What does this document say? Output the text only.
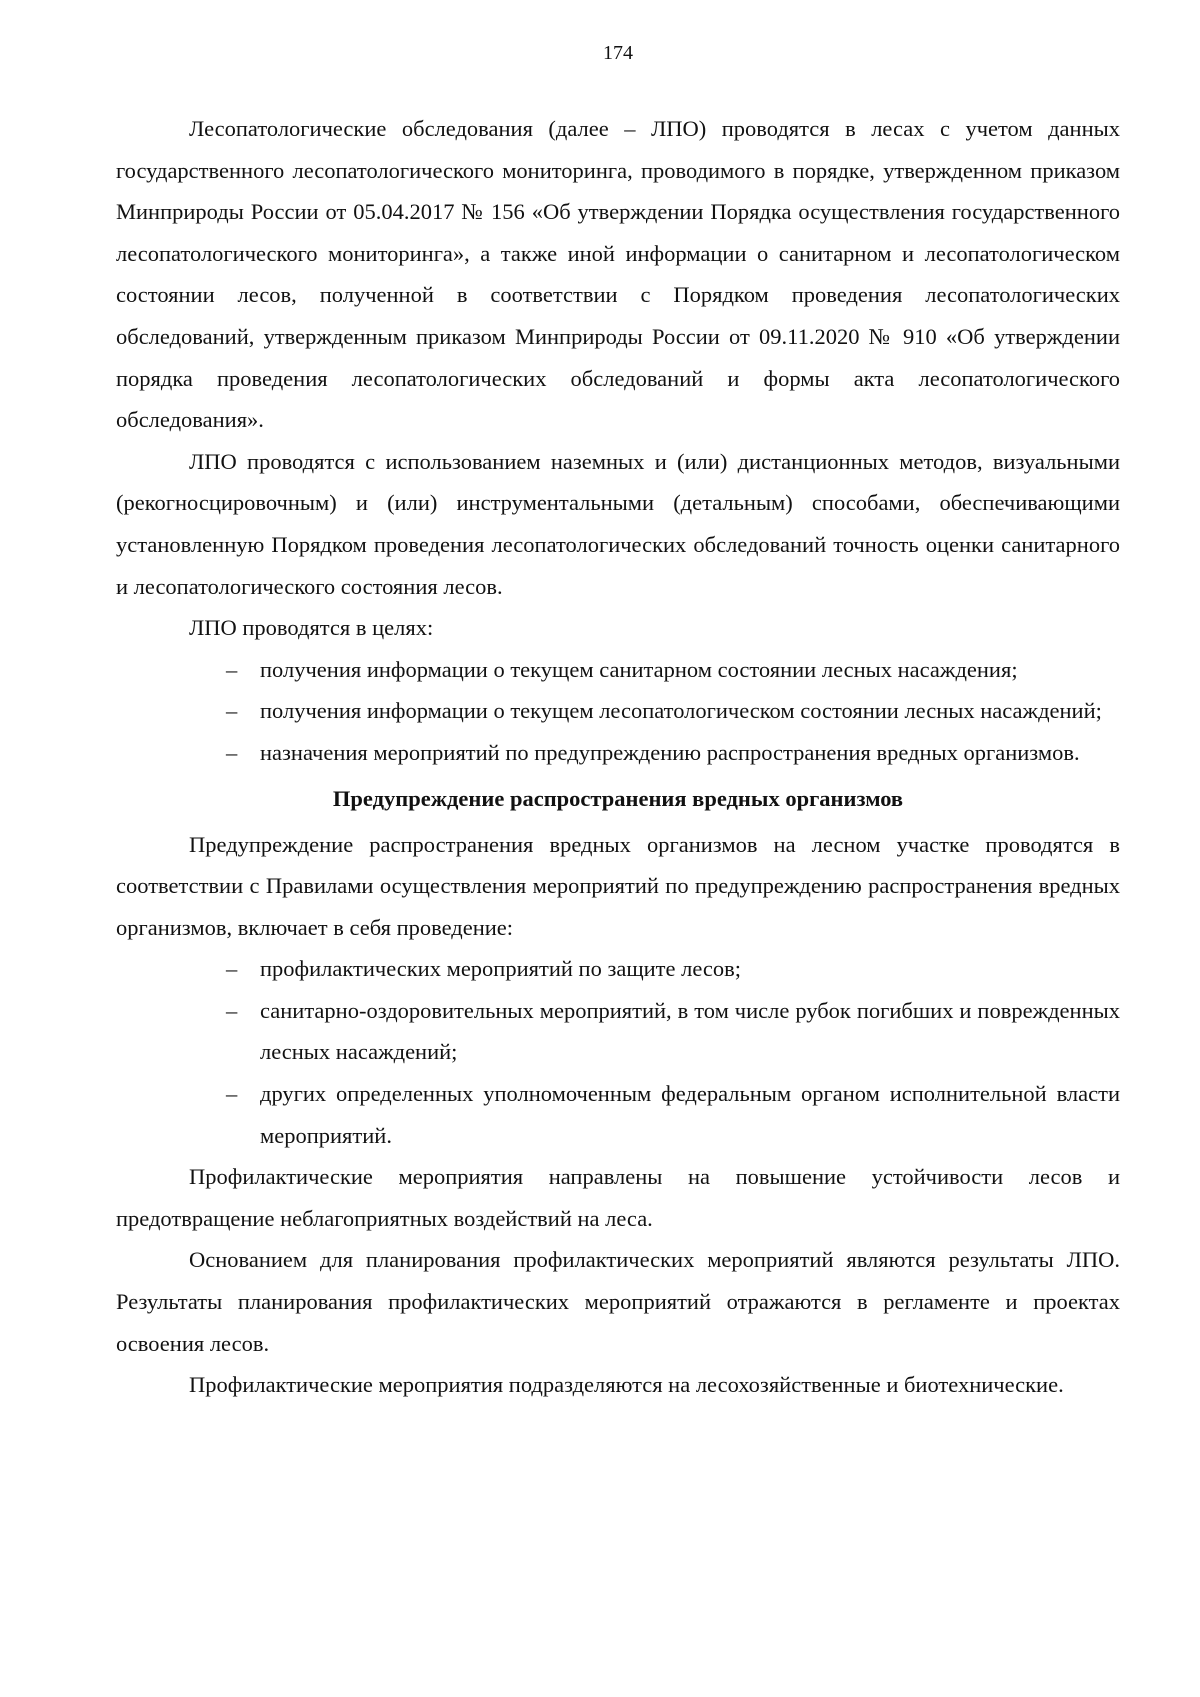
174

Лесопатологические обследования (далее – ЛПО) проводятся в лесах с учетом данных государственного лесопатологического мониторинга, проводимого в порядке, утвержденном приказом Минприроды России от 05.04.2017 № 156 «Об утверждении Порядка осуществления государственного лесопатологического мониторинга», а также иной информации о санитарном и лесопатологическом состоянии лесов, полученной в соответствии с Порядком проведения лесопатологических обследований, утвержденным приказом Минприроды России от 09.11.2020 № 910 «Об утверждении порядка проведения лесопатологических обследований и формы акта лесопатологического обследования».

ЛПО проводятся с использованием наземных и (или) дистанционных методов, визуальными (рекогносцировочным) и (или) инструментальными (детальным) способами, обеспечивающими установленную Порядком проведения лесопатологических обследований точность оценки санитарного и лесопатологического состояния лесов.

ЛПО проводятся в целях:

– получения информации о текущем санитарном состоянии лесных насаждения;
– получения информации о текущем лесопатологическом состоянии лесных насаждений;
– назначения мероприятий по предупреждению распространения вредных организмов.

Предупреждение распространения вредных организмов

Предупреждение распространения вредных организмов на лесном участке проводятся в соответствии с Правилами осуществления мероприятий по предупреждению распространения вредных организмов, включает в себя проведение:

– профилактических мероприятий по защите лесов;
– санитарно-оздоровительных мероприятий, в том числе рубок погибших и поврежденных лесных насаждений;
– других определенных уполномоченным федеральным органом исполнительной власти мероприятий.

Профилактические мероприятия направлены на повышение устойчивости лесов и предотвращение неблагоприятных воздействий на леса.

Основанием для планирования профилактических мероприятий являются результаты ЛПО. Результаты планирования профилактических мероприятий отражаются в регламенте и проектах освоения лесов.

Профилактические мероприятия подразделяются на лесохозяйственные и биотехнические.
